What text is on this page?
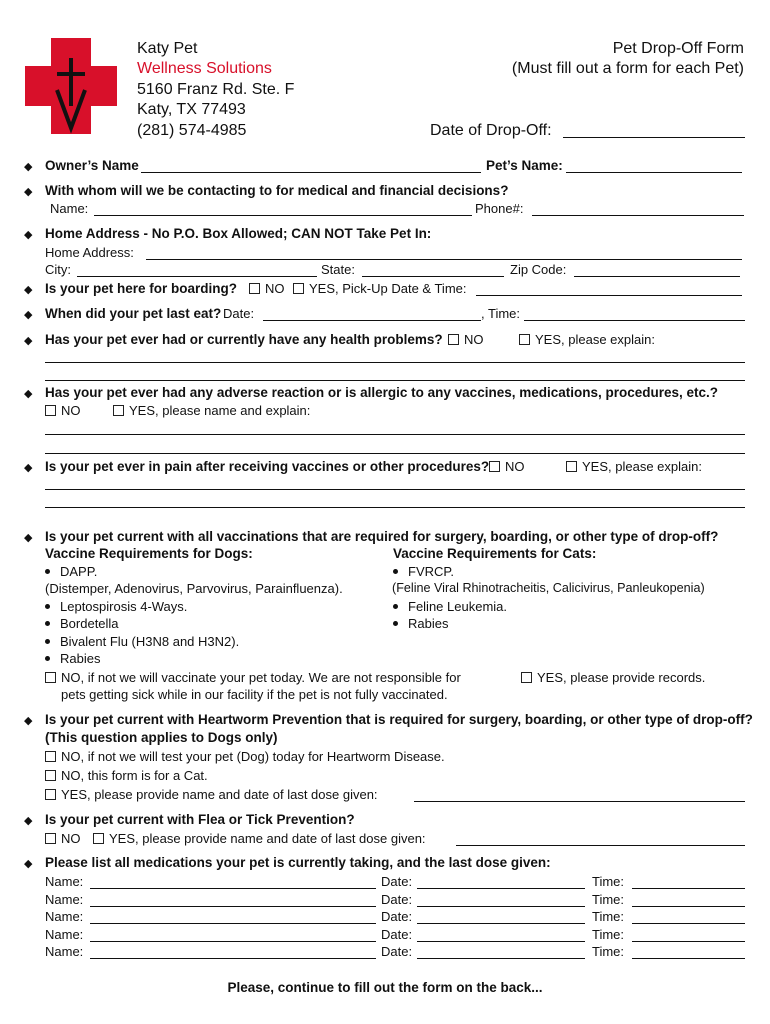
Katy Pet
Wellness Solutions
5160 Franz Rd. Ste. F
Katy, TX 77493
(281) 574-4985
Pet Drop-Off Form
(Must fill out a form for each Pet)
Date of Drop-Off:
◆ Owner’s Name	Pet’s Name:
◆ With whom will we be contacting to for medical and financial decisions?
Name:	Phone#:
◆ Home Address - No P.O. Box Allowed; CAN NOT Take Pet In:
Home Address:
City:	State:	Zip Code:
◆ Is your pet here for boarding?	NO	YES, Pick-Up Date & Time:
◆ When did your pet last eat? Date:	, Time:
◆ Has your pet ever had or currently have any health problems?	NO	YES, please explain:
◆ Has your pet ever had any adverse reaction or is allergic to any vaccines, medications, procedures, etc.?
NO	YES, please name and explain:
◆ Is your pet ever in pain after receiving vaccines or other procedures?	NO	YES, please explain:
◆ Is your pet current with all vaccinations that are required for surgery, boarding, or other type of drop-off?
Vaccine Requirements for Dogs:
DAPP.
(Distemper, Adenovirus, Parvovirus, Parainfluenza).
Leptospirosis 4-Ways.
Bordetella
Bivalent Flu (H3N8 and H3N2).
Rabies
Vaccine Requirements for Cats:
FVRCP.
(Feline Viral Rhinotracheitis, Calicivirus, Panleukopenia)
Feline Leukemia.
Rabies
NO, if not we will vaccinate your pet today. We are not responsible for
pets getting sick while in our facility if the pet is not fully vaccinated.
YES, please provide records.
◆ Is your pet current with Heartworm Prevention that is required for surgery, boarding, or other type of drop-off?
(This question applies to Dogs only)
NO, if not we will test your pet (Dog) today for Heartworm Disease.
NO, this form is for a Cat.
YES, please provide name and date of last dose given:
◆ Is your pet current with Flea or Tick Prevention?
NO	YES, please provide name and date of last dose given:
◆ Please list all medications your pet is currently taking, and the last dose given:
Name:	Date:	Time:
Name:	Date:	Time:
Name:	Date:	Time:
Name:	Date:	Time:
Name:	Date:	Time:
Please, continue to fill out the form on the back...
